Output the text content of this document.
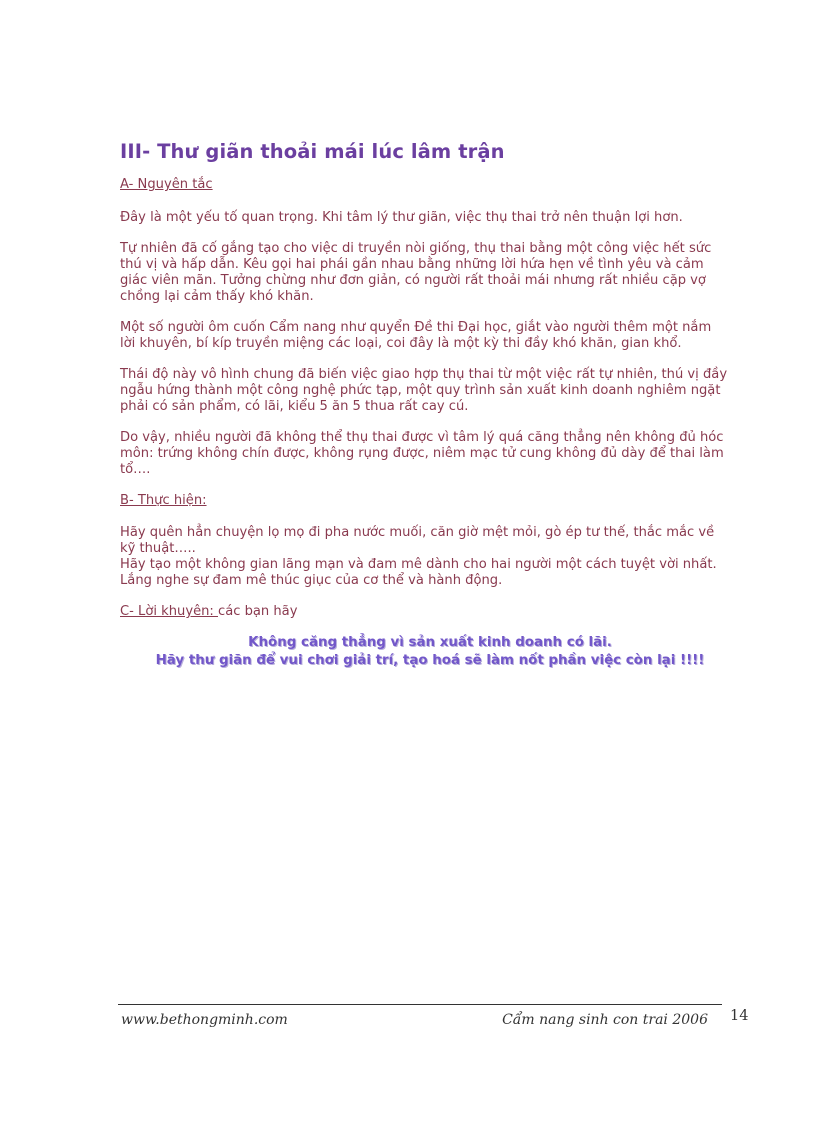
III- Thư giãn thoải mái lúc lâm trận

A- Nguyên tắc

Đây là một yếu tố quan trọng. Khi tâm lý thư giãn, việc thụ thai trở nên thuận lợi hơn.

Tự nhiên đã cố gắng tạo cho việc di truyền nòi giống, thụ thai bằng một công việc hết sức thú vị và hấp dẫn. Kêu gọi hai phái gần nhau bằng những lời hứa hẹn về tình yêu và cảm giác viên mãn. Tưởng chừng như đơn giản, có người rất thoải mái nhưng rất nhiều cặp vợ chồng lại cảm thấy khó khăn.

Một số người ôm cuốn Cẩm nang như quyển Đề thi Đại học, giắt vào người thêm một nắm lời khuyên, bí kíp truyền miệng các loại, coi đây là một kỳ thi đầy khó khăn, gian khổ.

Thái độ này vô hình chung đã biến việc giao hợp thụ thai từ một việc rất tự nhiên, thú vị đầy ngẫu hứng thành một công nghệ phức tạp, một quy trình sản xuất kinh doanh nghiêm ngặt phải có sản phẩm, có lãi, kiểu 5 ăn 5 thua rất cay cú.

Do vậy, nhiều người đã không thể thụ thai được vì tâm lý quá căng thẳng nên không đủ hóc môn: trứng không chín được, không rụng được, niêm mạc tử cung không đủ dày để thai làm tổ….

B- Thực hiện:

Hãy quên hẳn chuyện lọ mọ đi pha nước muối, căn giờ mệt mỏi, gò ép tư thế, thắc mắc về kỹ thuật…..

Hãy tạo một không gian lãng mạn và đam mê dành cho hai người một cách tuyệt vời nhất.

Lắng nghe sự đam mê thúc giục của cơ thể và hành động.

C- Lời khuyên: các bạn hãy

Không căng thẳng vì sản xuất kinh doanh có lãi.

Hãy thư giãn để vui chơi giải trí, tạo hoá sẽ làm nốt phần việc còn lại !!!!

www.bethongminh.com	Cẩm nang sinh con trai 2006 14
